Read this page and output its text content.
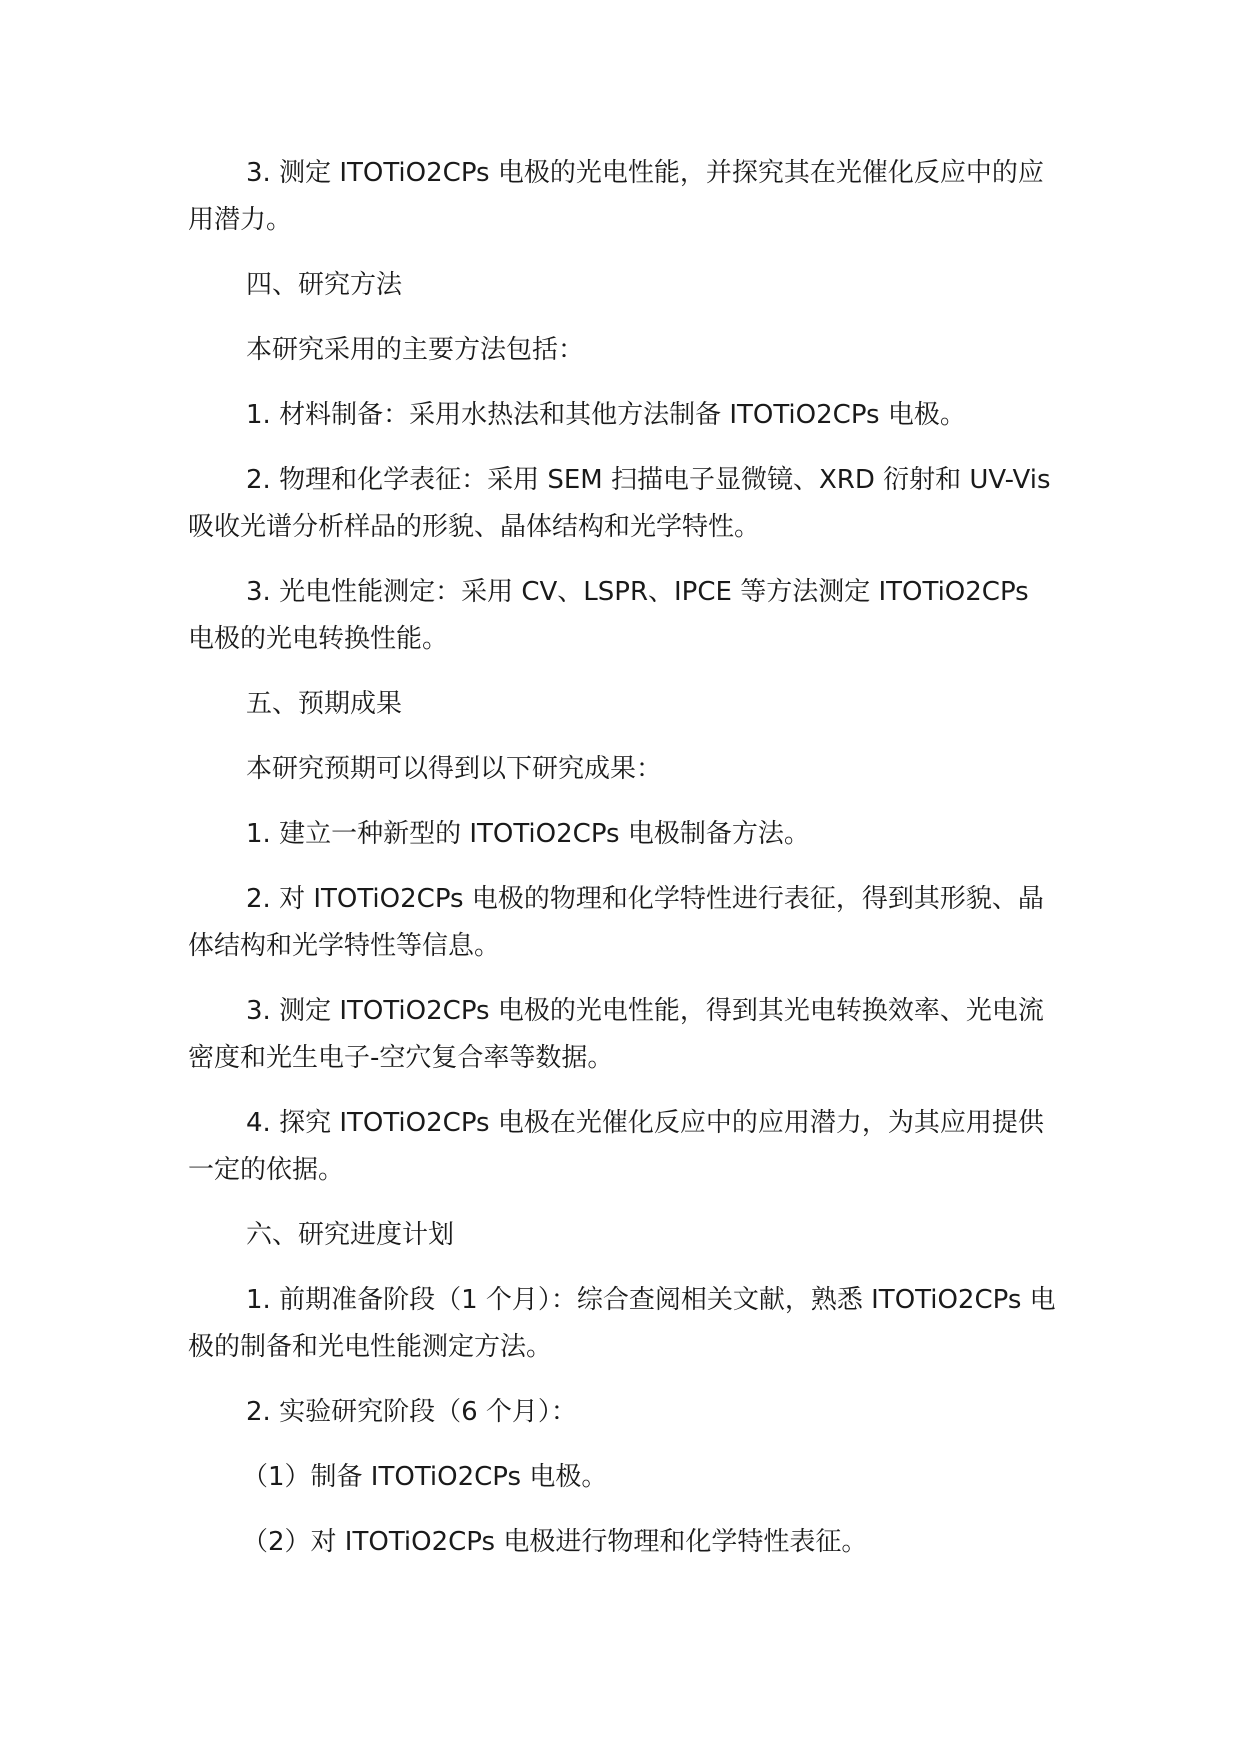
3. 测定 ITOTiO2CPs 电极的光电性能，并探究其在光催化反应中的应用潜力。

四、研究方法

本研究采用的主要方法包括：

1. 材料制备：采用水热法和其他方法制备 ITOTiO2CPs 电极。

2. 物理和化学表征：采用 SEM 扫描电子显微镜、XRD 衍射和 UV-Vis 吸收光谱分析样品的形貌、晶体结构和光学特性。

3. 光电性能测定：采用 CV、LSPR、IPCE 等方法测定 ITOTiO2CPs 电极的光电转换性能。

五、预期成果

本研究预期可以得到以下研究成果：

1. 建立一种新型的 ITOTiO2CPs 电极制备方法。

2. 对 ITOTiO2CPs 电极的物理和化学特性进行表征，得到其形貌、晶体结构和光学特性等信息。

3. 测定 ITOTiO2CPs 电极的光电性能，得到其光电转换效率、光电流密度和光生电子-空穴复合率等数据。

4. 探究 ITOTiO2CPs 电极在光催化反应中的应用潜力，为其应用提供一定的依据。

六、研究进度计划

1. 前期准备阶段（1 个月）：综合查阅相关文献，熟悉 ITOTiO2CPs 电极的制备和光电性能测定方法。

2. 实验研究阶段（6 个月）：

（1）制备 ITOTiO2CPs 电极。

（2）对 ITOTiO2CPs 电极进行物理和化学特性表征。
